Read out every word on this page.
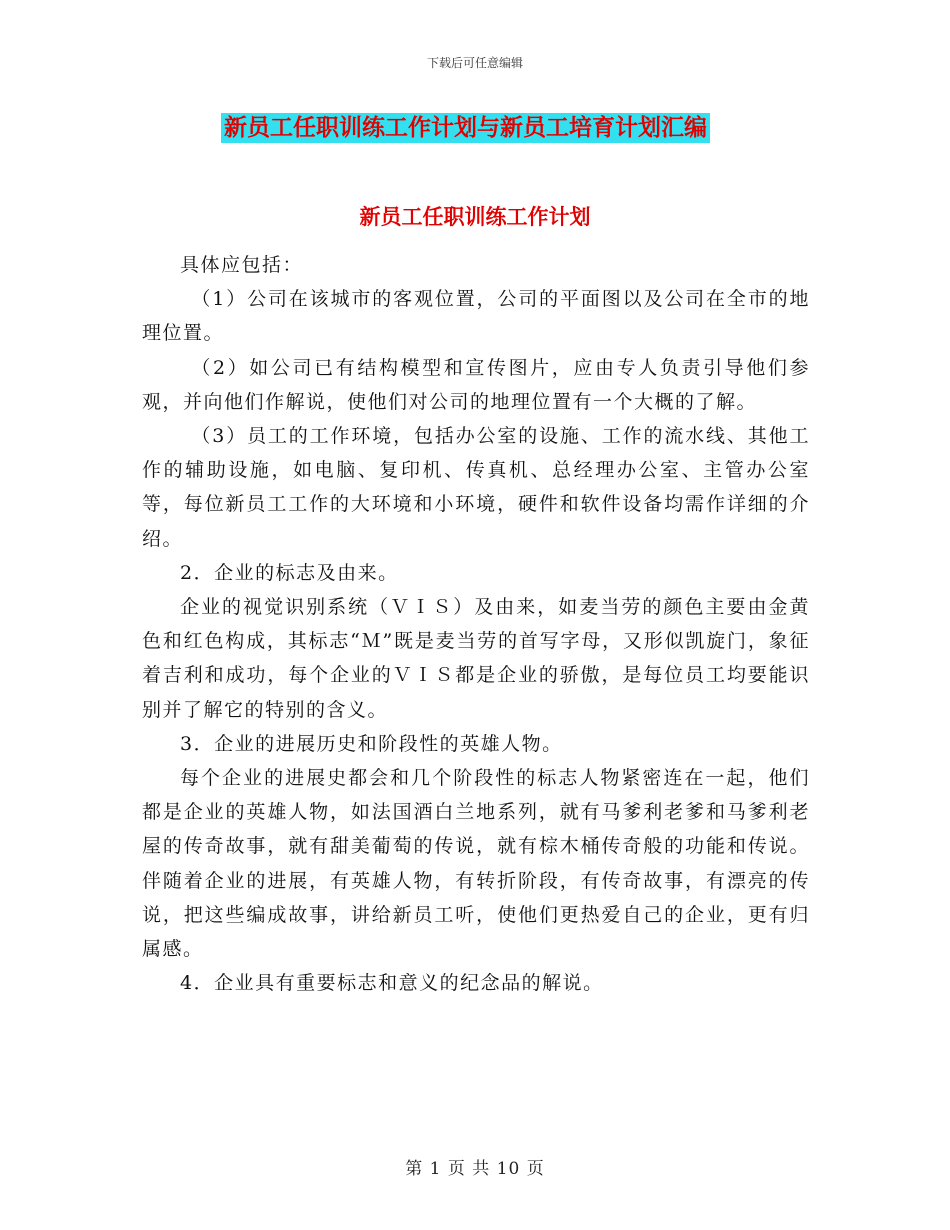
下载后可任意编辑
新员工任职训练工作计划与新员工培育计划汇编
新员工任职训练工作计划

具体应包括：

（1）公司在该城市的客观位置，公司的平面图以及公司在全市的地理位置。

（2）如公司已有结构模型和宣传图片，应由专人负责引导他们参观，并向他们作解说，使他们对公司的地理位置有一个大概的了解。

（3）员工的工作环境，包括办公室的设施、工作的流水线、其他工作的辅助设施，如电脑、复印机、传真机、总经理办公室、主管办公室等，每位新员工工作的大环境和小环境，硬件和软件设备均需作详细的介绍。

2．企业的标志及由来。

企业的视觉识别系统（ＶＩＳ）及由来，如麦当劳的颜色主要由金黄色和红色构成，其标志“Ｍ”既是麦当劳的首写字母，又形似凯旋门，象征着吉利和成功，每个企业的ＶＩＳ都是企业的骄傲，是每位员工均要能识别并了解它的特别的含义。

3．企业的进展历史和阶段性的英雄人物。

每个企业的进展史都会和几个阶段性的标志人物紧密连在一起，他们都是企业的英雄人物，如法国酒白兰地系列，就有马爹利老爹和马爹利老屋的传奇故事，就有甜美葡萄的传说，就有棕木桶传奇般的功能和传说。伴随着企业的进展，有英雄人物，有转折阶段，有传奇故事，有漂亮的传说，把这些编成故事，讲给新员工听，使他们更热爱自己的企业，更有归属感。

4．企业具有重要标志和意义的纪念品的解说。

第 1 页 共 10 页
